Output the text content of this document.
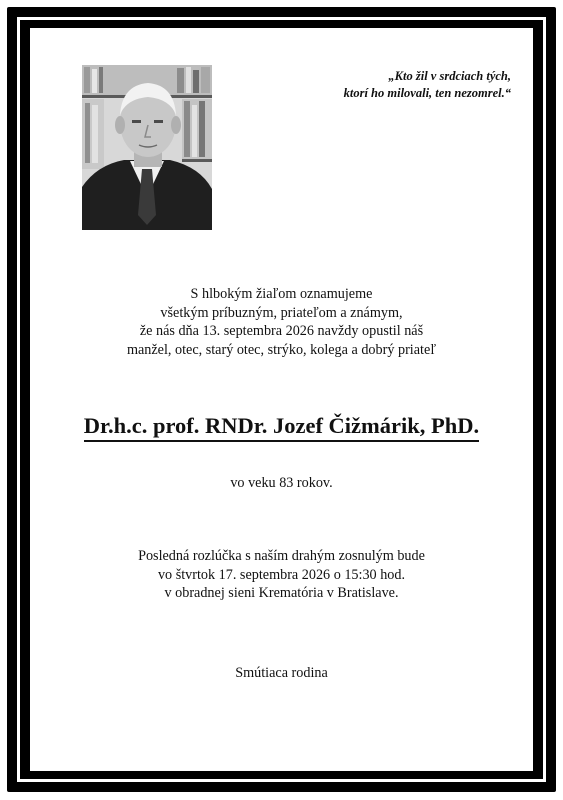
„Kto žil v srdciach tých,
ktorí ho milovali, ten nezomrel.“
S hlbokým žiaľom oznamujeme
všetkým príbuzným, priateľom a známym,
že nás dňa 13. septembra 2026 navždy opustil náš
manžel, otec, starý otec, strýko, kolega a dobrý priateľ
Dr.h.c. prof. RNDr. Jozef Čižmárik, PhD.
vo veku 83 rokov.
Posledná rozlúčka s naším drahým zosnulým bude
vo štvrtok 17. septembra 2026 o 15:30 hod.
v obradnej sieni Krematória v Bratislave.
Smútiaca rodina
